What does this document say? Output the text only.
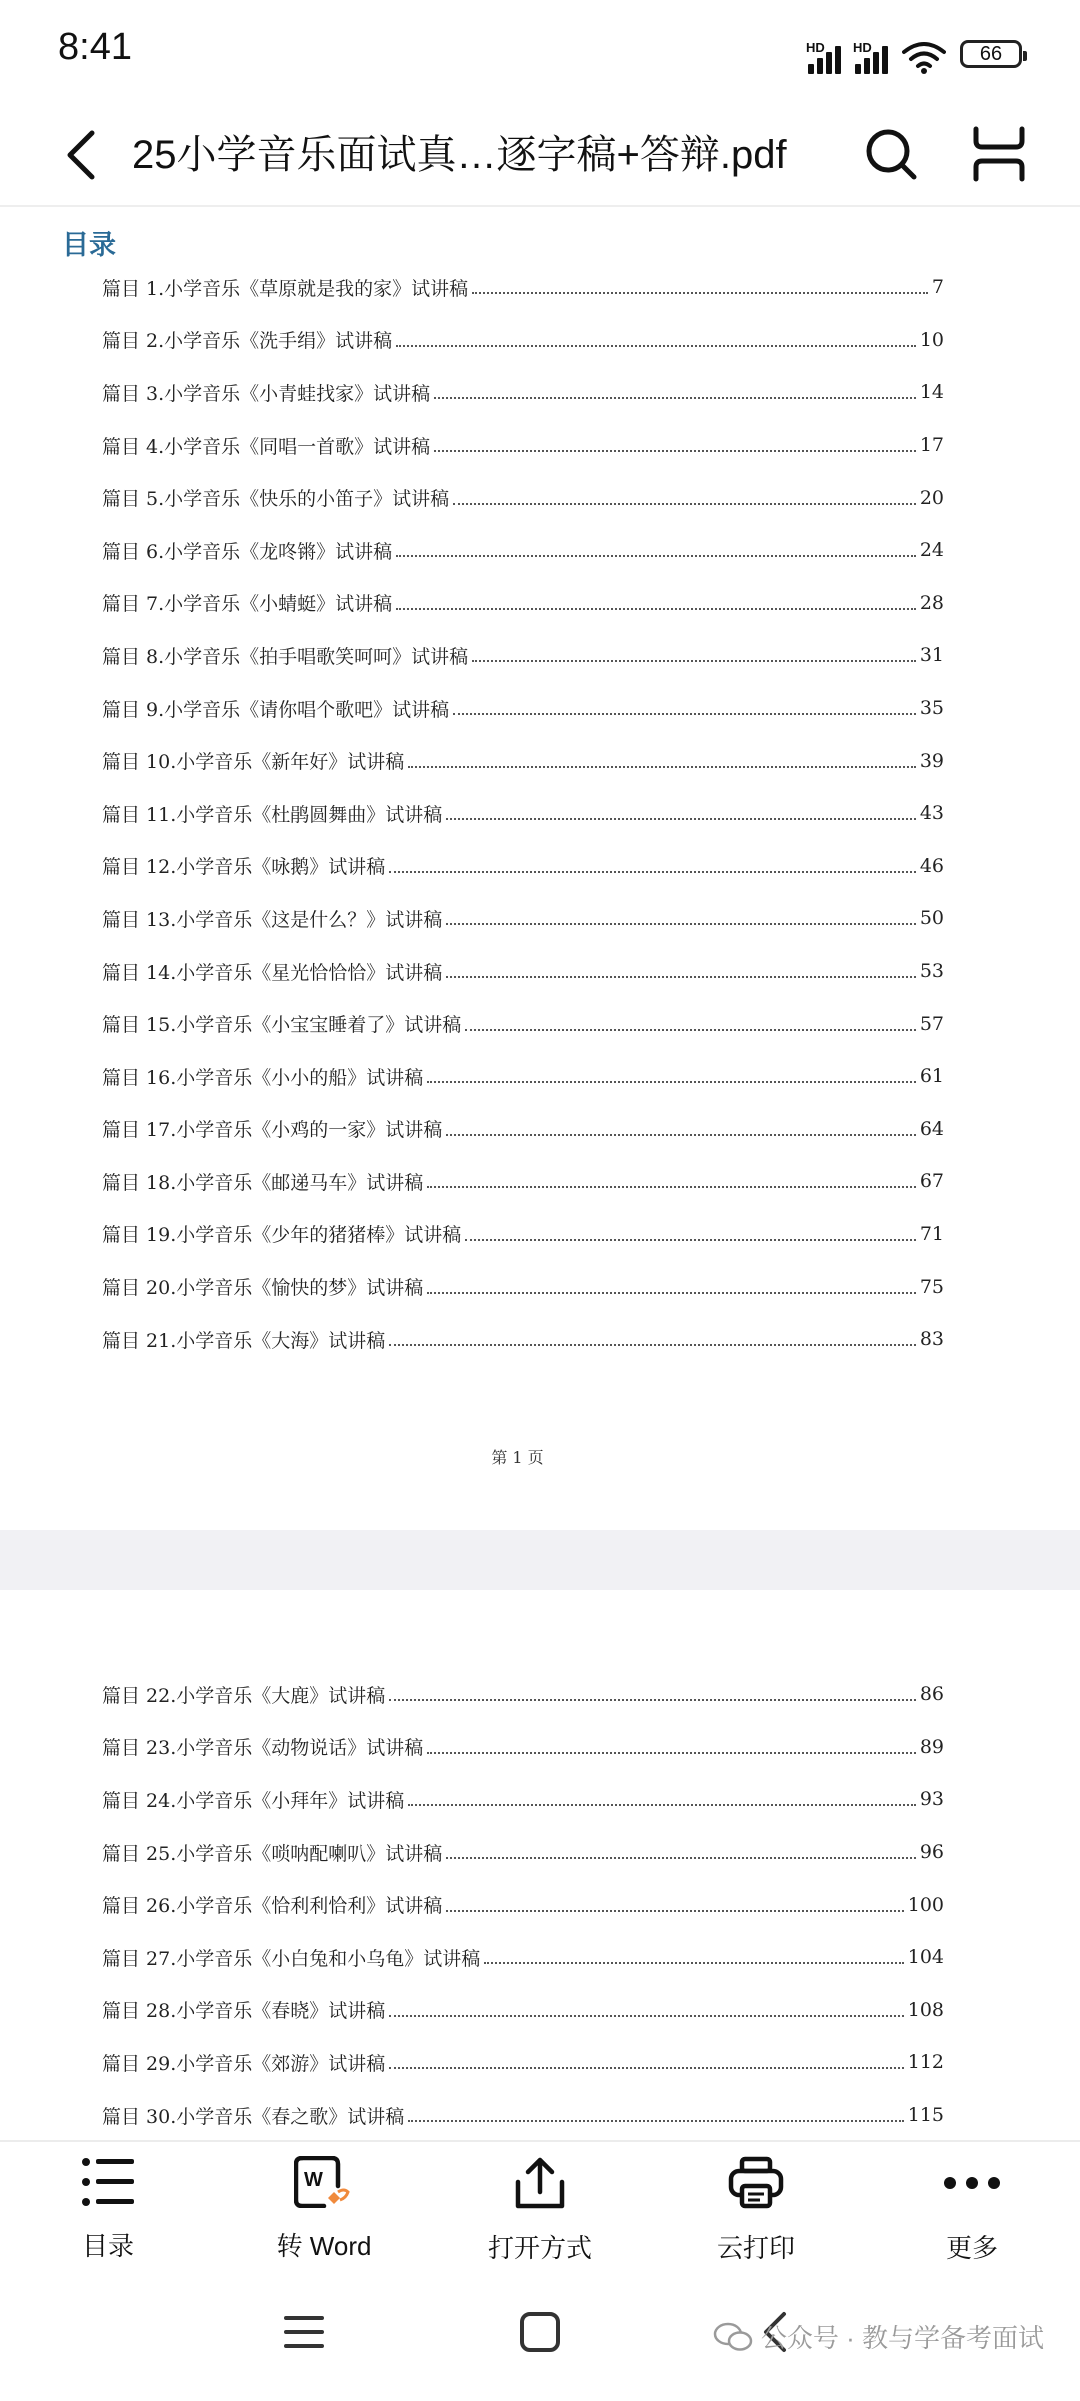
8:41	HD HD	66
25小学音乐面试真…逐字稿+答辩.pdf
目录
篇目 1.小学音乐《草原就是我的家》试讲稿	7
篇目 2.小学音乐《洗手绢》试讲稿	10
篇目 3.小学音乐《小青蛙找家》试讲稿	14
篇目 4.小学音乐《同唱一首歌》试讲稿	17
篇目 5.小学音乐《快乐的小笛子》试讲稿	20
篇目 6.小学音乐《龙咚锵》试讲稿	24
篇目 7.小学音乐《小蜻蜓》试讲稿	28
篇目 8.小学音乐《拍手唱歌笑呵呵》试讲稿	31
篇目 9.小学音乐《请你唱个歌吧》试讲稿	35
篇目 10.小学音乐《新年好》试讲稿	39
篇目 11.小学音乐《杜鹃圆舞曲》试讲稿	43
篇目 12.小学音乐《咏鹅》试讲稿	46
篇目 13.小学音乐《这是什么？》试讲稿	50
篇目 14.小学音乐《星光恰恰恰》试讲稿	53
篇目 15.小学音乐《小宝宝睡着了》试讲稿	57
篇目 16.小学音乐《小小的船》试讲稿	61
篇目 17.小学音乐《小鸡的一家》试讲稿	64
篇目 18.小学音乐《邮递马车》试讲稿	67
篇目 19.小学音乐《少年的猪猪棒》试讲稿	71
篇目 20.小学音乐《愉快的梦》试讲稿	75
篇目 21.小学音乐《大海》试讲稿	83
第 1 页
篇目 22.小学音乐《大鹿》试讲稿	86
篇目 23.小学音乐《动物说话》试讲稿	89
篇目 24.小学音乐《小拜年》试讲稿	93
篇目 25.小学音乐《唢呐配喇叭》试讲稿	96
篇目 26.小学音乐《恰利利恰利》试讲稿	100
篇目 27.小学音乐《小白兔和小乌龟》试讲稿	104
篇目 28.小学音乐《春晓》试讲稿	108
篇目 29.小学音乐《郊游》试讲稿	112
篇目 30.小学音乐《春之歌》试讲稿	115
目录
W
转 Word	打开方式	云打印	更多
公众号 · 教与学备考面试
